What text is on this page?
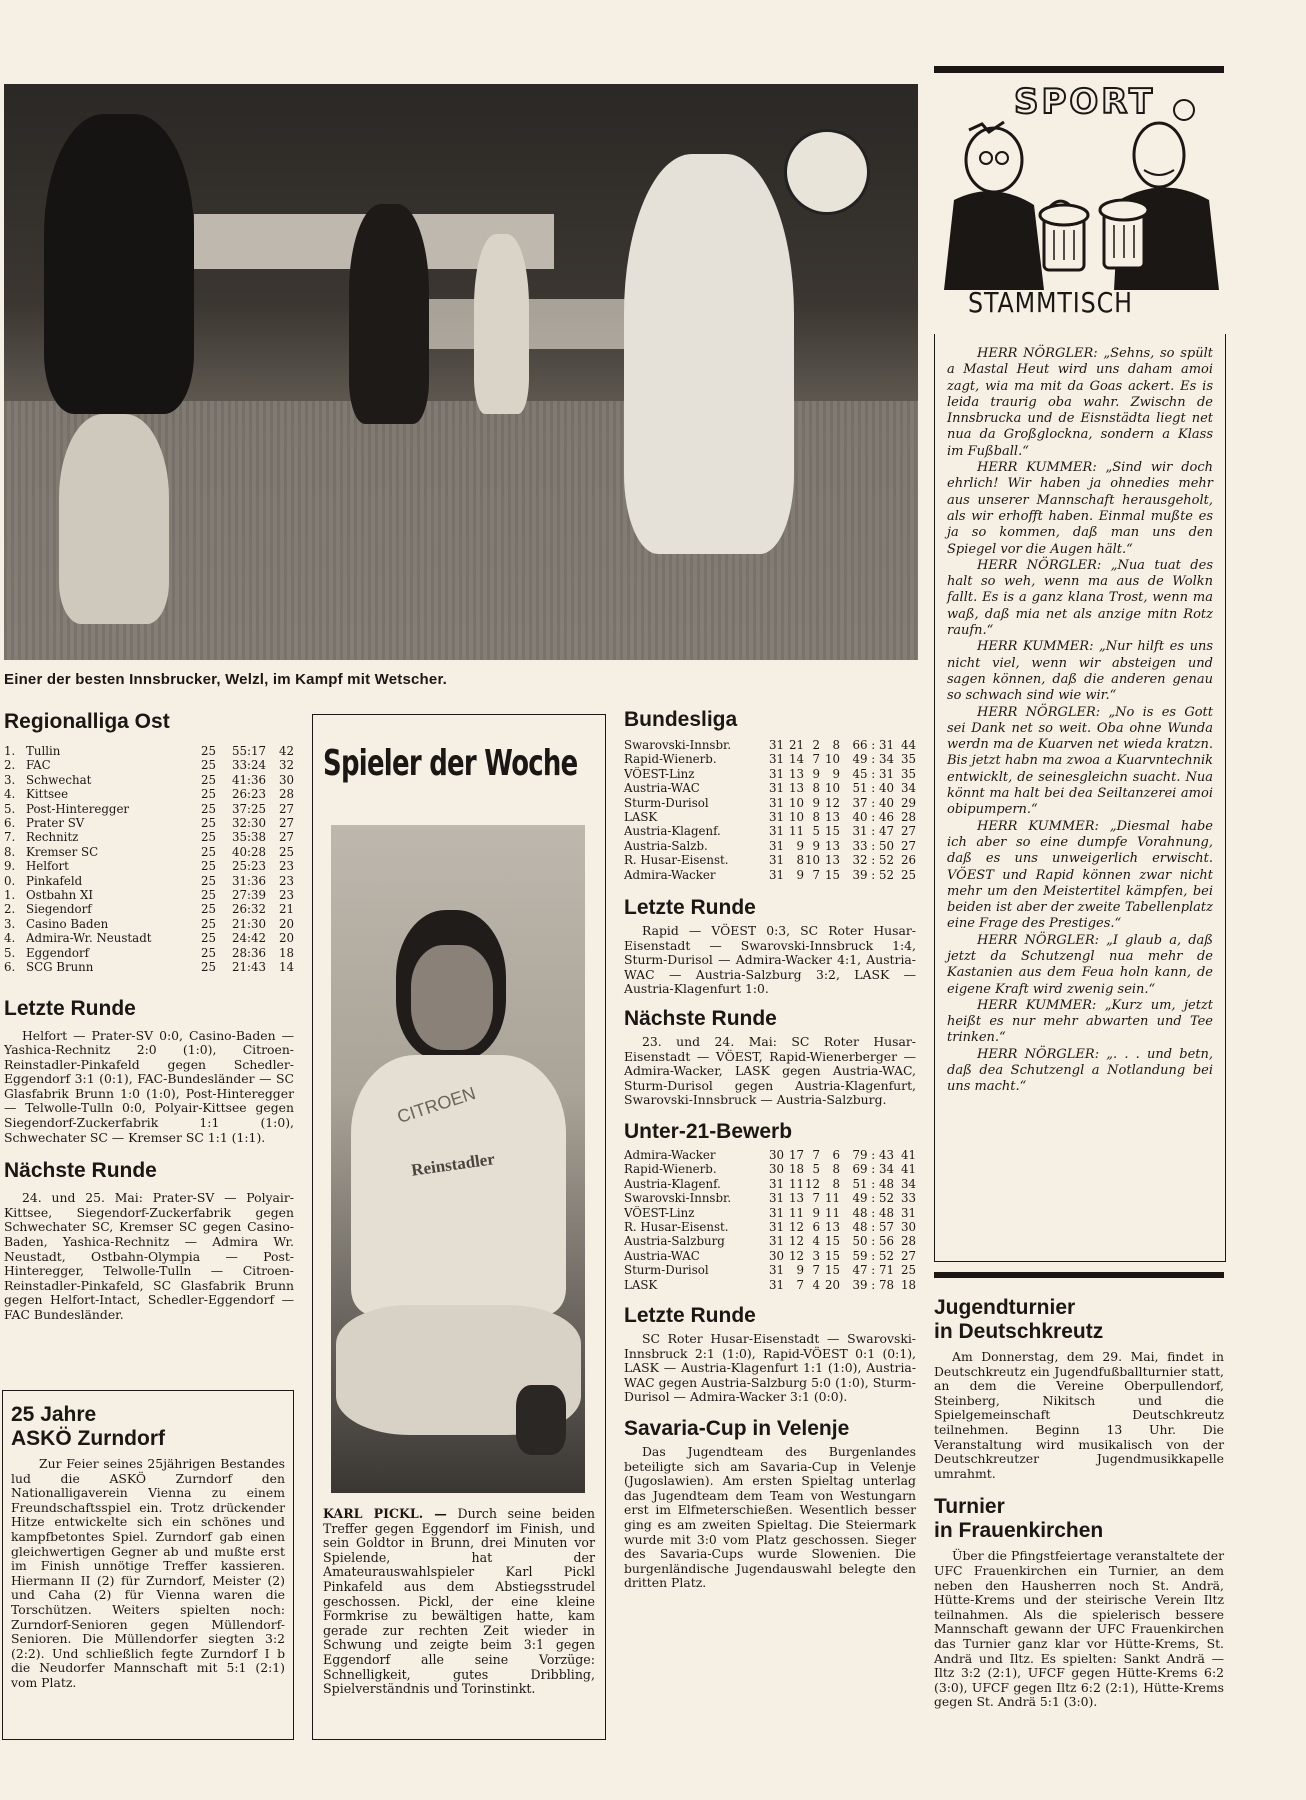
Einer der besten Innsbrucker, Welzl, im Kampf mit Wetscher.
Regionalliga Ost
1. Tullin	25	55:17	42
2. FAC	25	33:24	32
3. Schwechat	25	41:36	30
4. Kittsee	25	26:23	28
5. Post-Hinteregger	25	37:25	27
6. Prater SV	25	32:30	27
7. Rechnitz	25	35:38	27
8. Kremser SC	25	40:28	25
9. Helfort	25	25:23	23
0. Pinkafeld	25	31:36	23
1. Ostbahn XI	25	27:39	23
2. Siegendorf	25	26:32	21
3. Casino Baden	25	21:30	20
4. Admira-Wr. Neustadt	25	24:42	20
5. Eggendorf	25	28:36	18
6. SCG Brunn	25	21:43	14
Letzte Runde

Helfort — Prater-SV 0:0, Casino-Baden — Yashica-Rechnitz 2:0 (1:0), Citroen-Reinstadler-Pinkafeld gegen Schedler-Eggendorf 3:1 (0:1), FAC-Bundesländer — SC Glasfabrik Brunn 1:0 (1:0), Post-Hinteregger — Telwolle-Tulln 0:0, Polyair-Kittsee gegen Siegendorf-Zuckerfabrik 1:1 (1:0), Schwechater SC — Kremser SC 1:1 (1:1).

Nächste Runde

24. und 25. Mai: Prater-SV — Polyair-Kittsee, Siegendorf-Zuckerfabrik gegen Schwechater SC, Kremser SC gegen Casino-Baden, Yashica-Rechnitz — Admira Wr. Neustadt, Ostbahn-Olympia — Post-Hinteregger, Telwolle-Tulln — Citroen-Reinstadler-Pinkafeld, SC Glasfabrik Brunn gegen Helfort-Intact, Schedler-Eggendorf — FAC Bundesländer.

25 Jahre
ASKÖ Zurndorf

Zur Feier seines 25jährigen Bestandes lud die ASKÖ Zurndorf den Nationalligaverein Vienna zu einem Freundschaftsspiel ein. Trotz drückender Hitze entwickelte sich ein schönes und kampfbetontes Spiel. Zurndorf gab einen gleichwertigen Gegner ab und mußte erst im Finish unnötige Treffer kassieren. Hiermann II (2) für Zurndorf, Meister (2) und Caha (2) für Vienna waren die Torschützen. Weiters spielten noch: Zurndorf-Senioren gegen Müllendorf-Senioren. Die Müllendorfer siegten 3:2 (2:2). Und schließlich fegte Zurndorf I b die Neudorfer Mannschaft mit 5:1 (2:1) vom Platz.

Spieler der Woche
CITROEN
Reinstadler

KARL PICKL. — Durch seine beiden Treffer gegen Eggendorf im Finish, und sein Goldtor in Brunn, drei Minuten vor Spielende, hat der Amateurauswahlspieler Karl Pickl Pinkafeld aus dem Abstiegsstrudel geschossen. Pickl, der eine kleine Formkrise zu bewältigen hatte, kam gerade zur rechten Zeit wieder in Schwung und zeigte beim 3:1 gegen Eggendorf alle seine Vorzüge: Schnelligkeit, gutes Dribbling, Spielverständnis und Torinstinkt.

Bundesliga
Swarovski-Innsbr.	31 21 2	8	66 : 31 44
Rapid-Wienerb.	31 14 7 10	49 : 34 35
VÖEST-Linz	31 13 9	9	45 : 31 35
Austria-WAC	31 13 8 10	51 : 40 34
Sturm-Durisol	31 10 9 12	37 : 40 29
LASK	31 10 8 13	40 : 46 28
Austria-Klagenf.	31 11 5 15	31 : 47 27
Austria-Salzb.	31	9 9 13	33 : 50 27
R. Husar-Eisenst.	31	8 10 13	32 : 52 26
Admira-Wacker	31	9 7 15	39 : 52 25
Letzte Runde

Rapid — VÖEST 0:3, SC Roter Husar-Eisenstadt — Swarovski-Innsbruck 1:4, Sturm-Durisol — Admira-Wacker 4:1, Austria-WAC — Austria-Salzburg 3:2, LASK — Austria-Klagenfurt 1:0.

Nächste Runde

23. und 24. Mai: SC Roter Husar-Eisenstadt — VÖEST, Rapid-Wienerberger — Admira-Wacker, LASK gegen Austria-WAC, Sturm-Durisol gegen Austria-Klagenfurt, Swarovski-Innsbruck — Austria-Salzburg.

Unter-21-Bewerb
Admira-Wacker	30 17 7	6	79 : 43 41
Rapid-Wienerb.	30 18 5	8	69 : 34 41
Austria-Klagenf.	31 11 12	8	51 : 48 34
Swarovski-Innsbr.	31 13 7 11	49 : 52 33
VÖEST-Linz	31 11 9 11	48 : 48 31
R. Husar-Eisenst.	31 12 6 13	48 : 57 30
Austria-Salzburg	31 12 4 15	50 : 56 28
Austria-WAC	30 12 3 15	59 : 52 27
Sturm-Durisol	31	9 7 15	47 : 71 25
LASK	31	7 4 20	39 : 78 18
Letzte Runde

SC Roter Husar-Eisenstadt — Swarovski-Innsbruck 2:1 (1:0), Rapid-VÖEST 0:1 (0:1), LASK — Austria-Klagenfurt 1:1 (1:0), Austria-WAC gegen Austria-Salzburg 5:0 (1:0), Sturm-Durisol — Admira-Wacker 3:1 (0:0).

Savaria-Cup in Velenje

Das Jugendteam des Burgenlandes beteiligte sich am Savaria-Cup in Velenje (Jugoslawien). Am ersten Spieltag unterlag das Jugendteam dem Team von Westungarn erst im Elfmeterschießen. Wesentlich besser ging es am zweiten Spieltag. Die Steiermark wurde mit 3:0 vom Platz geschossen. Sieger des Savaria-Cups wurde Slowenien. Die burgenländische Jugendauswahl belegte den dritten Platz.

SPORT
STAMMTISCH

HERR NÖRGLER: „Sehns, so spült a Mastal Heut wird uns daham amoi zagt, wia ma mit da Goas ackert. Es is leida traurig oba wahr. Zwischn de Innsbrucka und de Eisnstädta liegt net nua da Großglockna, sondern a Klass im Fußball.“

HERR KUMMER: „Sind wir doch ehrlich! Wir haben ja ohnedies mehr aus unserer Mannschaft herausgeholt, als wir erhofft haben. Einmal mußte es ja so kommen, daß man uns den Spiegel vor die Augen hält.“

HERR NÖRGLER: „Nua tuat des halt so weh, wenn ma aus de Wolkn fallt. Es is a ganz klana Trost, wenn ma waß, daß mia net als anzige mitn Rotz raufn.“

HERR KUMMER: „Nur hilft es uns nicht viel, wenn wir absteigen und sagen können, daß die anderen genau so schwach sind wie wir.“

HERR NÖRGLER: „No is es Gott sei Dank net so weit. Oba ohne Wunda werdn ma de Kuarven net wieda kratzn. Bis jetzt habn ma zwoa a Kuarvntechnik entwicklt, de seinesgleichn suacht. Nua könnt ma halt bei dea Seiltanzerei amoi obipumpern.“

HERR KUMMER: „Diesmal habe ich aber so eine dumpfe Vorahnung, daß es uns unweigerlich erwischt. VÖEST und Rapid können zwar nicht mehr um den Meistertitel kämpfen, bei beiden ist aber der zweite Tabellenplatz eine Frage des Prestiges.“

HERR NÖRGLER: „I glaub a, daß jetzt da Schutzengl nua mehr de Kastanien aus dem Feua holn kann, de eigene Kraft wird zwenig sein.“

HERR KUMMER: „Kurz um, jetzt heißt es nur mehr abwarten und Tee trinken.“

HERR NÖRGLER: „. . . und betn, daß dea Schutzengl a Notlandung bei uns macht.“

Jugendturnier
in Deutschkreutz

Am Donnerstag, dem 29. Mai, findet in Deutschkreutz ein Jugendfußballturnier statt, an dem die Vereine Oberpullendorf, Steinberg, Nikitsch und die Spielgemeinschaft Deutschkreutz teilnehmen. Beginn 13 Uhr. Die Veranstaltung wird musikalisch von der Deutschkreutzer Jugendmusikkapelle umrahmt.

Turnier
in Frauenkirchen

Über die Pfingstfeiertage veranstaltete der UFC Frauenkirchen ein Turnier, an dem neben den Hausherren noch St. Andrä, Hütte-Krems und der steirische Verein Iltz teilnahmen. Als die spielerisch bessere Mannschaft gewann der UFC Frauenkirchen das Turnier ganz klar vor Hütte-Krems, St. Andrä und Iltz. Es spielten: Sankt Andrä — Iltz 3:2 (2:1), UFCF gegen Hütte-Krems 6:2 (3:0), UFCF gegen Iltz 6:2 (2:1), Hütte-Krems gegen St. Andrä 5:1 (3:0).
